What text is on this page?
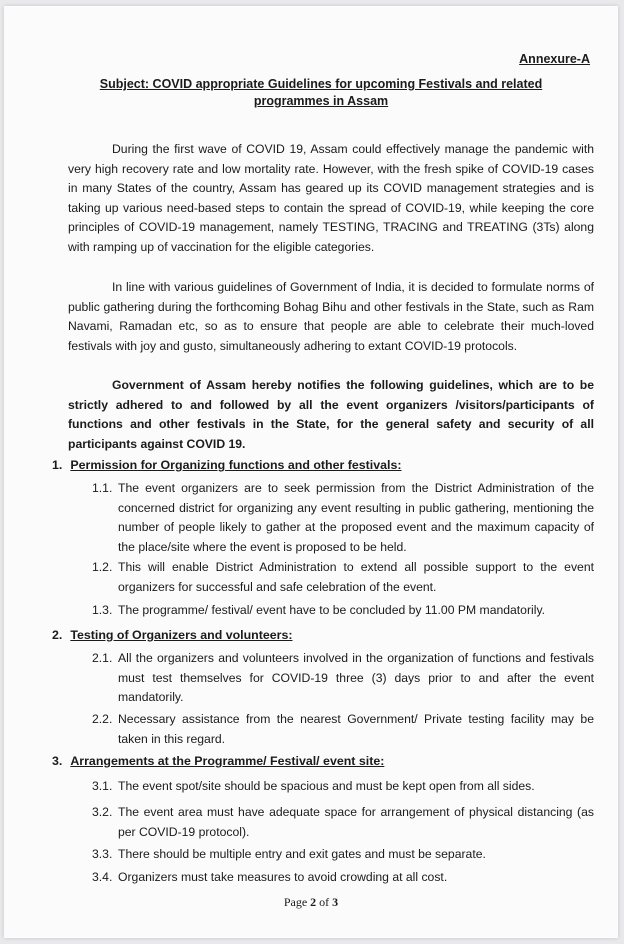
Annexure-A
Subject: COVID appropriate Guidelines for upcoming Festivals and related programmes in Assam

During the first wave of COVID 19, Assam could effectively manage the pandemic with very high recovery rate and low mortality rate. However, with the fresh spike of COVID-19 cases in many States of the country, Assam has geared up its COVID management strategies and is taking up various need-based steps to contain the spread of COVID-19, while keeping the core principles of COVID-19 management, namely TESTING, TRACING and TREATING (3Ts) along with ramping up of vaccination for the eligible categories.

In line with various guidelines of Government of India, it is decided to formulate norms of public gathering during the forthcoming Bohag Bihu and other festivals in the State, such as Ram Navami, Ramadan etc, so as to ensure that people are able to celebrate their much-loved festivals with joy and gusto, simultaneously adhering to extant COVID-19 protocols.

Government of Assam hereby notifies the following guidelines, which are to be strictly adhered to and followed by all the event organizers /visitors/participants of functions and other festivals in the State, for the general safety and security of all participants against COVID 19.

1. Permission for Organizing functions and other festivals:

1.1. The event organizers are to seek permission from the District Administration of the concerned district for organizing any event resulting in public gathering, mentioning the number of people likely to gather at the proposed event and the maximum capacity of the place/site where the event is proposed to be held.

1.2. This will enable District Administration to extend all possible support to the event organizers for successful and safe celebration of the event.

1.3. The programme/ festival/ event have to be concluded by 11.00 PM mandatorily.

2. Testing of Organizers and volunteers:

2.1. All the organizers and volunteers involved in the organization of functions and festivals must test themselves for COVID-19 three (3) days prior to and after the event mandatorily.

2.2. Necessary assistance from the nearest Government/ Private testing facility may be taken in this regard.

3. Arrangements at the Programme/ Festival/ event site:

3.1. The event spot/site should be spacious and must be kept open from all sides.

3.2. The event area must have adequate space for arrangement of physical distancing (as per COVID-19 protocol).

3.3. There should be multiple entry and exit gates and must be separate.

3.4. Organizers must take measures to avoid crowding at all cost.

Page 2 of 3
